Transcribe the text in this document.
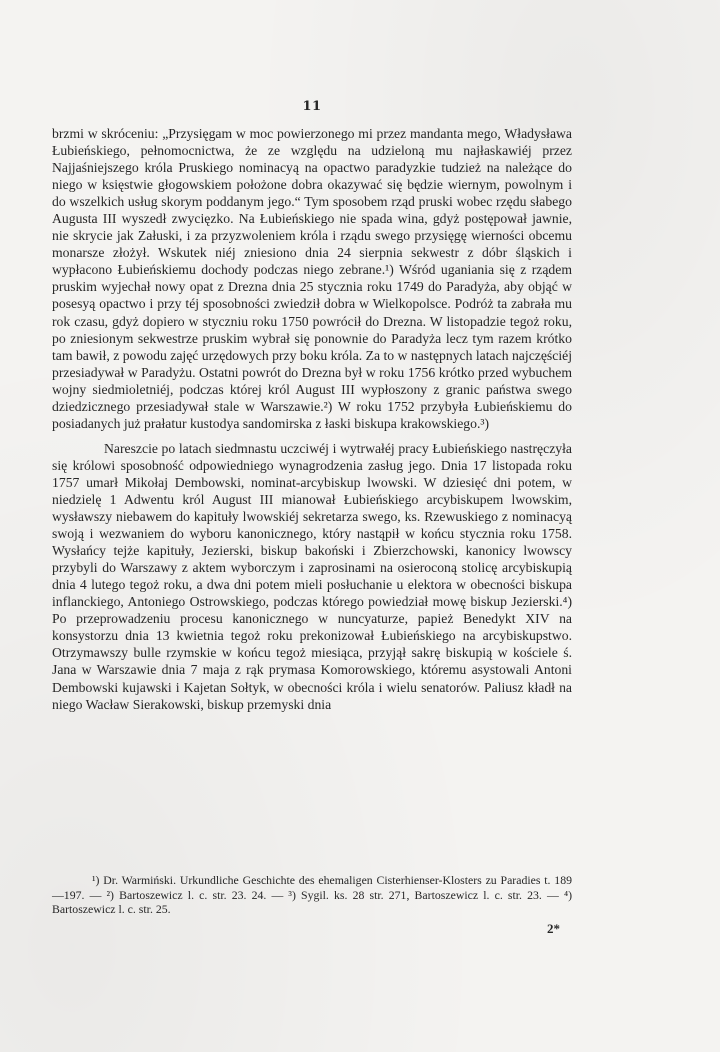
11

brzmi w skróceniu: „Przysięgam w moc powierzonego mi przez mandanta mego, Władysława Łubieńskiego, pełnomocnictwa, że ze względu na udzieloną mu najłaskawiéj przez Najjaśniejszego króla Pruskiego nominacyą na opactwo paradyzkie tudzież na należące do niego w księstwie głogowskiem położone dobra okazywać się będzie wiernym, powolnym i do wszelkich usług skorym poddanym jego.“ Tym sposobem rząd pruski wobec rzędu słabego Augusta III wyszedł zwycięzko. Na Łubieńskiego nie spada wina, gdyż postępował jawnie, nie skrycie jak Załuski, i za przyzwoleniem króla i rządu swego przysięgę wierności obcemu monarsze złożył. Wskutek niéj zniesiono dnia 24 sierpnia sekwestr z dóbr śląskich i wypłacono Łubieńskiemu dochody podczas niego zebrane.¹) Wśród uganiania się z rządem pruskim wyjechał nowy opat z Drezna dnia 25 stycznia roku 1749 do Paradyża, aby objąć w posesyą opactwo i przy téj sposobności zwiedził dobra w Wielkopolsce. Podróż ta zabrała mu rok czasu, gdyż dopiero w styczniu roku 1750 powrócił do Drezna. W listopadzie tegoż roku, po zniesionym sekwestrze pruskim wybrał się ponownie do Paradyża lecz tym razem krótko tam bawił, z powodu zajęć urzędowych przy boku króla. Za to w następnych latach najczęściéj przesiadywał w Paradyżu. Ostatni powrót do Drezna był w roku 1756 krótko przed wybuchem wojny siedmioletniéj, podczas której król August III wypłoszony z granic państwa swego dziedzicznego przesiadywał stale w Warszawie.²) W roku 1752 przybyła Łubieńskiemu do posiadanych już prałatur kustodya sandomirska z łaski biskupa krakowskiego.³)

Nareszcie po latach siedmnastu uczciwéj i wytrwałéj pracy Łubieńskiego nastręczyła się królowi sposobność odpowiedniego wynagrodzenia zasług jego. Dnia 17 listopada roku 1757 umarł Mikołaj Dembowski, nominat-arcybiskup lwowski. W dziesięć dni potem, w niedzielę 1 Adwentu król August III mianował Łubieńskiego arcybiskupem lwowskim, wysławszy niebawem do kapituły lwowskiéj sekretarza swego, ks. Rzewuskiego z nominacyą swoją i wezwaniem do wyboru kanonicznego, który nastąpił w końcu stycznia roku 1758. Wysłańcy tejże kapituły, Jezierski, biskup bakoński i Zbierzchowski, kanonicy lwowscy przybyli do Warszawy z aktem wyborczym i zaprosinami na osieroconą stolicę arcybiskupią dnia 4 lutego tegoż roku, a dwa dni potem mieli posłuchanie u elektora w obecności biskupa inflanckiego, Antoniego Ostrowskiego, podczas którego powiedział mowę biskup Jezierski.⁴) Po przeprowadzeniu procesu kanonicznego w nuncyaturze, papież Benedykt XIV na konsystorzu dnia 13 kwietnia tegoż roku prekonizował Łubieńskiego na arcybiskupstwo. Otrzymawszy bulle rzymskie w końcu tegoż miesiąca, przyjął sakrę biskupią w kościele ś. Jana w Warszawie dnia 7 maja z rąk prymasa Komorowskiego, któremu asystowali Antoni Dembowski kujawski i Kajetan Sołtyk, w obecności króla i wielu senatorów. Paliusz kładł na niego Wacław Sierakowski, biskup przemyski dnia

¹) Dr. Warmiński. Urkundliche Geschichte des ehemaligen Cisterhienser-Klosters zu Paradies t. 189—197. — ²) Bartoszewicz l. c. str. 23. 24. — ³) Sygil. ks. 28 str. 271, Bartoszewicz l. c. str. 23. — ⁴) Bartoszewicz l. c. str. 25.

2*
